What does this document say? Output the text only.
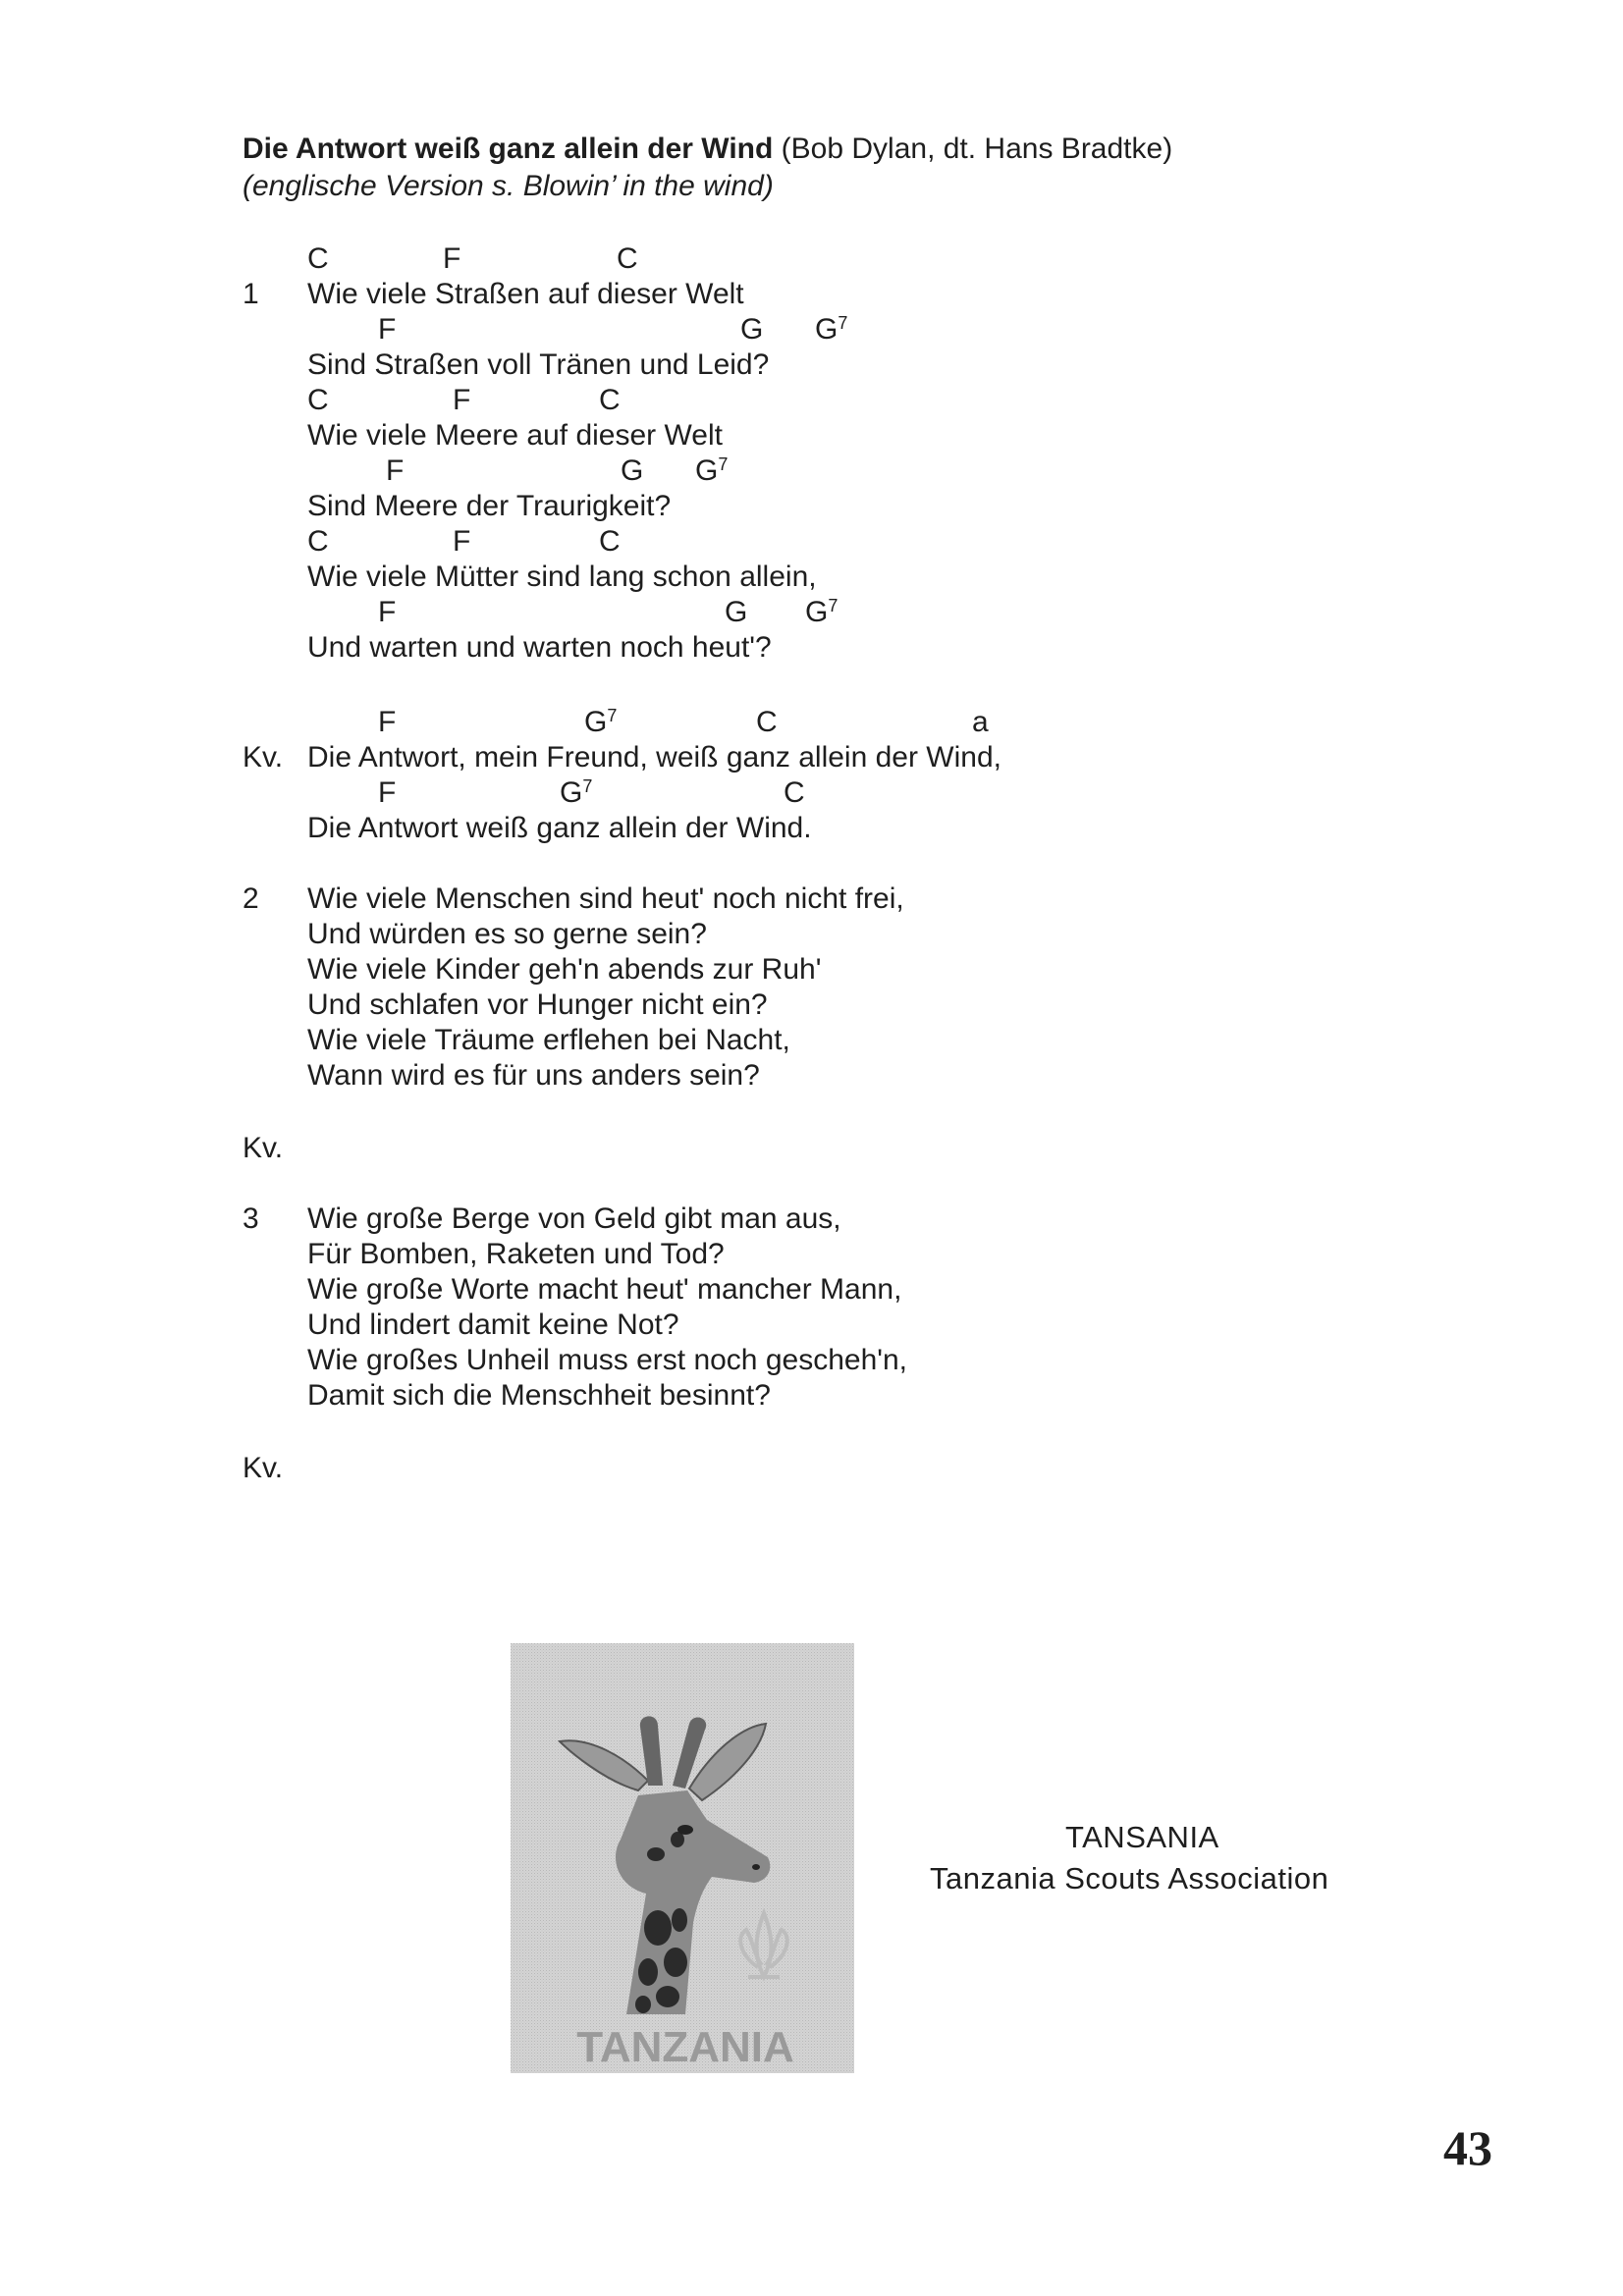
Die Antwort weiß ganz allein der Wind (Bob Dylan, dt. Hans Bradtke)
(englische Version s. Blowin’ in the wind)
1
C	F	C
Wie viele Straßen auf dieser Welt
F	G $G^7$
Sind Straßen voll Tränen und Leid?
C	F	C
Wie viele Meere auf dieser Welt
F	G $G^7$
Sind Meere der Traurigkeit?
C	F	C
Wie viele Mütter sind lang schon allein,
F	G $G^7$
Und warten und warten noch heut'?
F	$G^7$	C	a
Kv. Die Antwort, mein Freund, weiß ganz allein der Wind,
F	$G^7$	C
Die Antwort weiß ganz allein der Wind.
2 Wie viele Menschen sind heut' noch nicht frei,
Und würden es so gerne sein?
Wie viele Kinder geh'n abends zur Ruh'
Und schlafen vor Hunger nicht ein?
Wie viele Träume erflehen bei Nacht,
Wann wird es für uns anders sein?
Kv.
3 Wie große Berge von Geld gibt man aus,
Für Bomben, Raketen und Tod?
Wie große Worte macht heut' mancher Mann,
Und lindert damit keine Not?
Wie großes Unheil muss erst noch gescheh'n,
Damit sich die Menschheit besinnt?
Kv.
TANZANIA
TANSANIA
Tanzania Scouts Association
43
